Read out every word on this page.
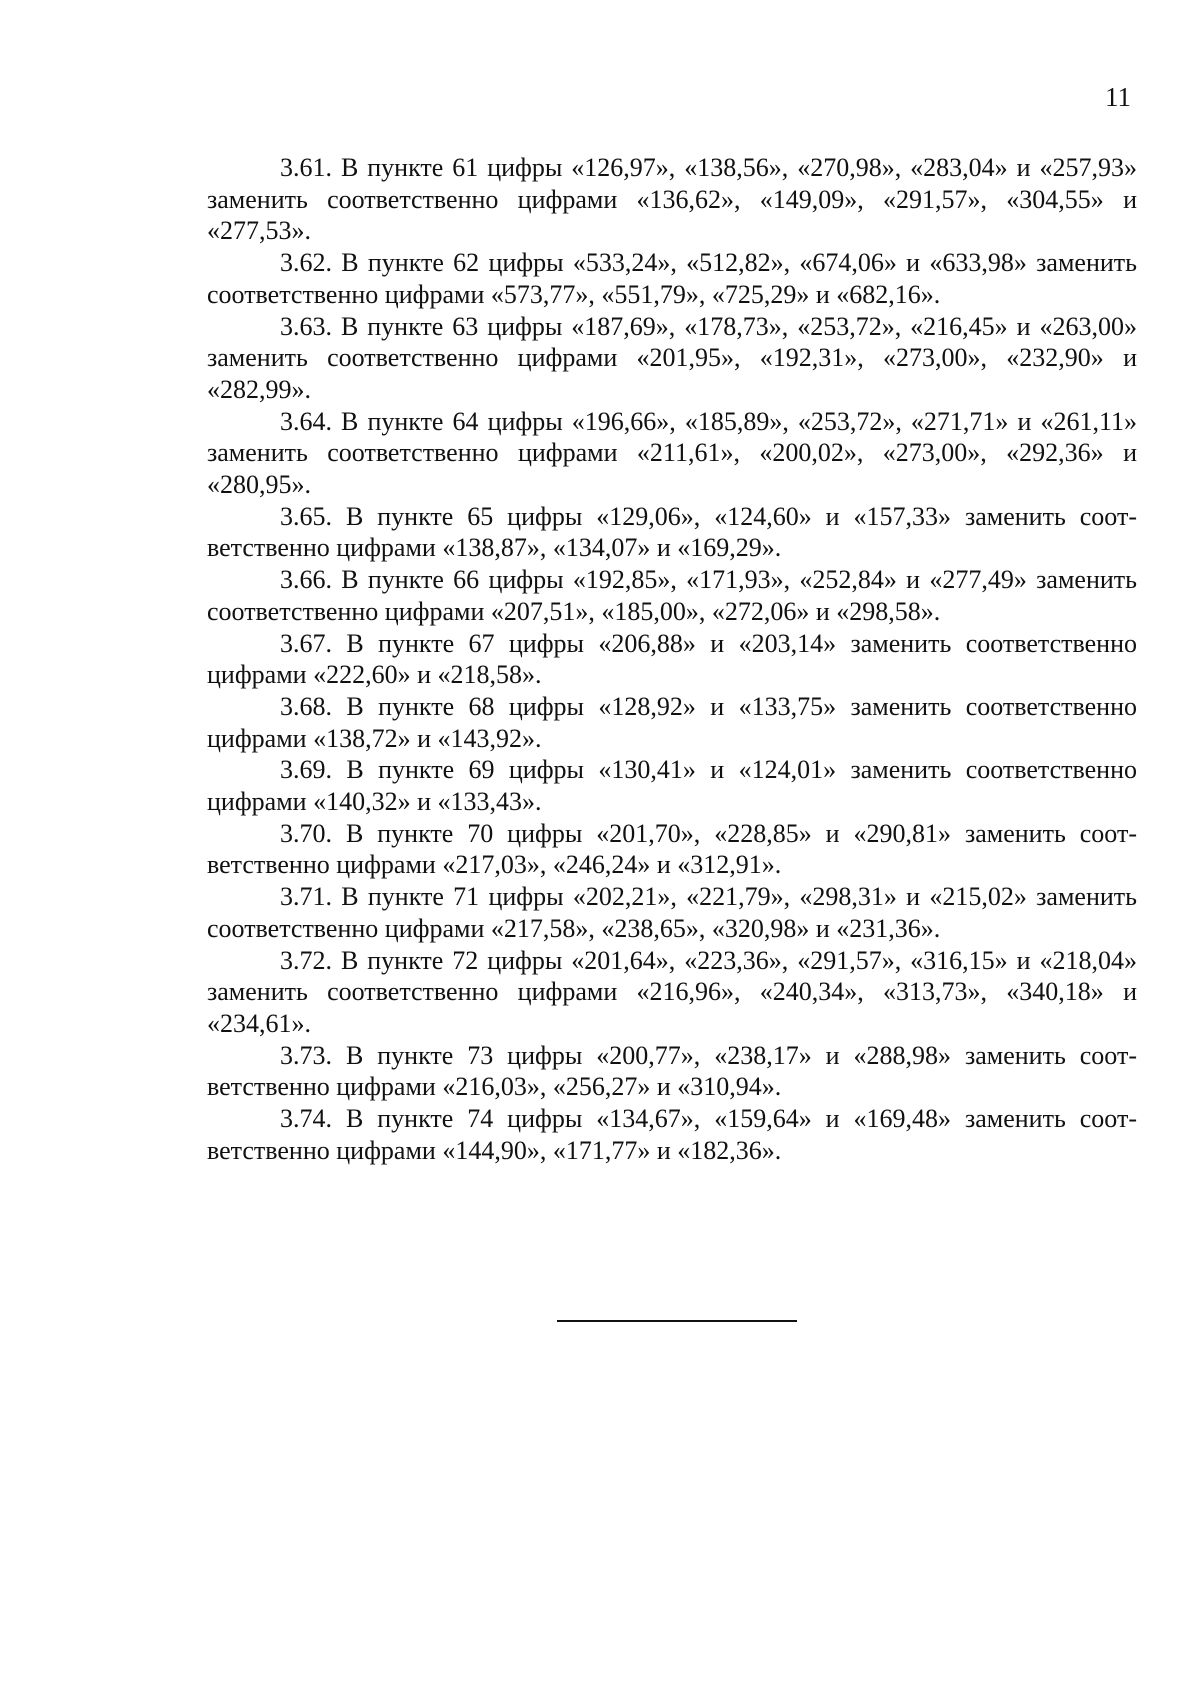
11

3.61. В пункте 61 цифры «126,97», «138,56», «270,98», «283,04» и «257,93» заменить соответственно цифрами «136,62», «149,09», «291,57», «304,55» и «277,53».

3.62. В пункте 62 цифры «533,24», «512,82», «674,06» и «633,98» заменить соответственно цифрами «573,77», «551,79», «725,29» и «682,16».

3.63. В пункте 63 цифры «187,69», «178,73», «253,72», «216,45» и «263,00» заменить соответственно цифрами «201,95», «192,31», «273,00», «232,90» и «282,99».

3.64. В пункте 64 цифры «196,66», «185,89», «253,72», «271,71» и «261,11» заменить соответственно цифрами «211,61», «200,02», «273,00», «292,36» и «280,95».

3.65. В пункте 65 цифры «129,06», «124,60» и «157,33» заменить соответственно цифрами «138,87», «134,07» и «169,29».

3.66. В пункте 66 цифры «192,85», «171,93», «252,84» и «277,49» заменить соответственно цифрами «207,51», «185,00», «272,06» и «298,58».

3.67. В пункте 67 цифры «206,88» и «203,14» заменить соответственно цифрами «222,60» и «218,58».

3.68. В пункте 68 цифры «128,92» и «133,75» заменить соответственно цифрами «138,72» и «143,92».

3.69. В пункте 69 цифры «130,41» и «124,01» заменить соответственно цифрами «140,32» и «133,43».

3.70. В пункте 70 цифры «201,70», «228,85» и «290,81» заменить соответственно цифрами «217,03», «246,24» и «312,91».

3.71. В пункте 71 цифры «202,21», «221,79», «298,31» и «215,02» заменить соответственно цифрами «217,58», «238,65», «320,98» и «231,36».

3.72. В пункте 72 цифры «201,64», «223,36», «291,57», «316,15» и «218,04» заменить соответственно цифрами «216,96», «240,34», «313,73», «340,18» и «234,61».

3.73. В пункте 73 цифры «200,77», «238,17» и «288,98» заменить соответственно цифрами «216,03», «256,27» и «310,94».

3.74. В пункте 74 цифры «134,67», «159,64» и «169,48» заменить соответственно цифрами «144,90», «171,77» и «182,36».
